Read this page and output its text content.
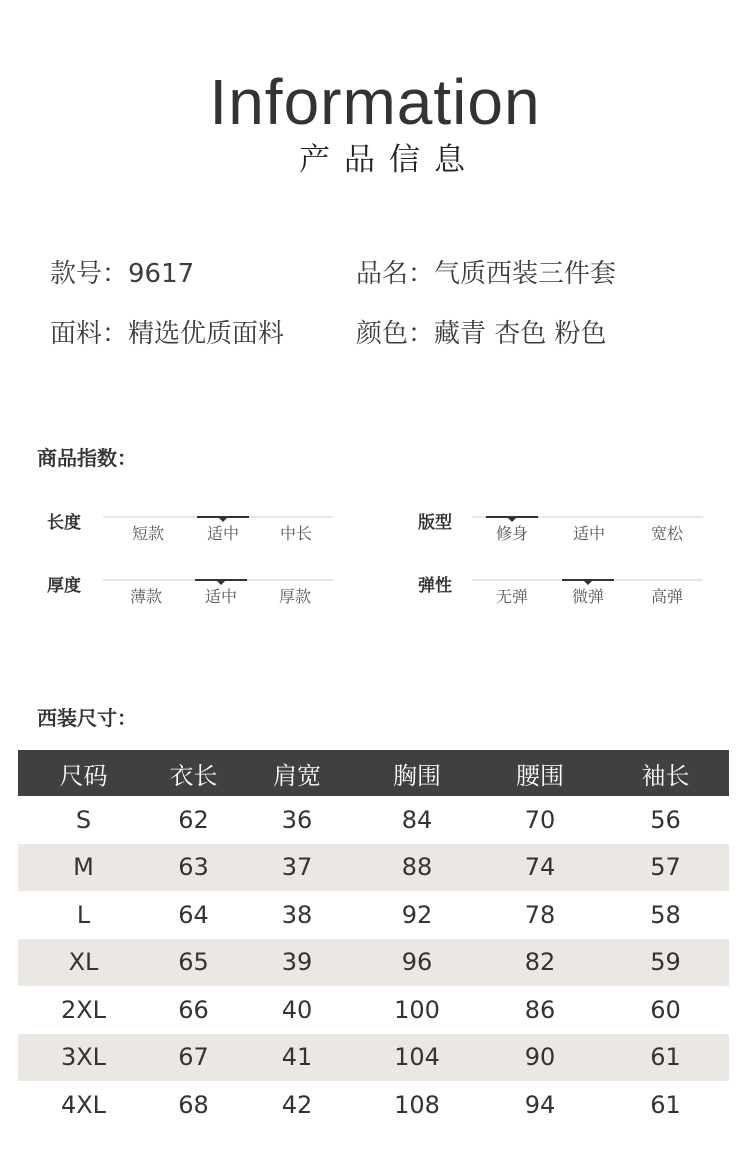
Information
产品信息
款号：9617	品名：气质西装三件套
面料：精选优质面料	颜色：藏青 杏色 粉色
商品指数：
长度
短款	适中	中长
版型
修身	适中	宽松
厚度
薄款	适中	厚款
弹性
无弹	微弹	高弹
西装尺寸：
尺码	衣长	肩宽	胸围	腰围	袖长
S	62	36	84	70	56
M	63	37	88	74	57
L	64	38	92	78	58
XL	65	39	96	82	59
2XL	66	40	100	86	60
3XL	67	41	104	90	61
4XL	68	42	108	94	61
